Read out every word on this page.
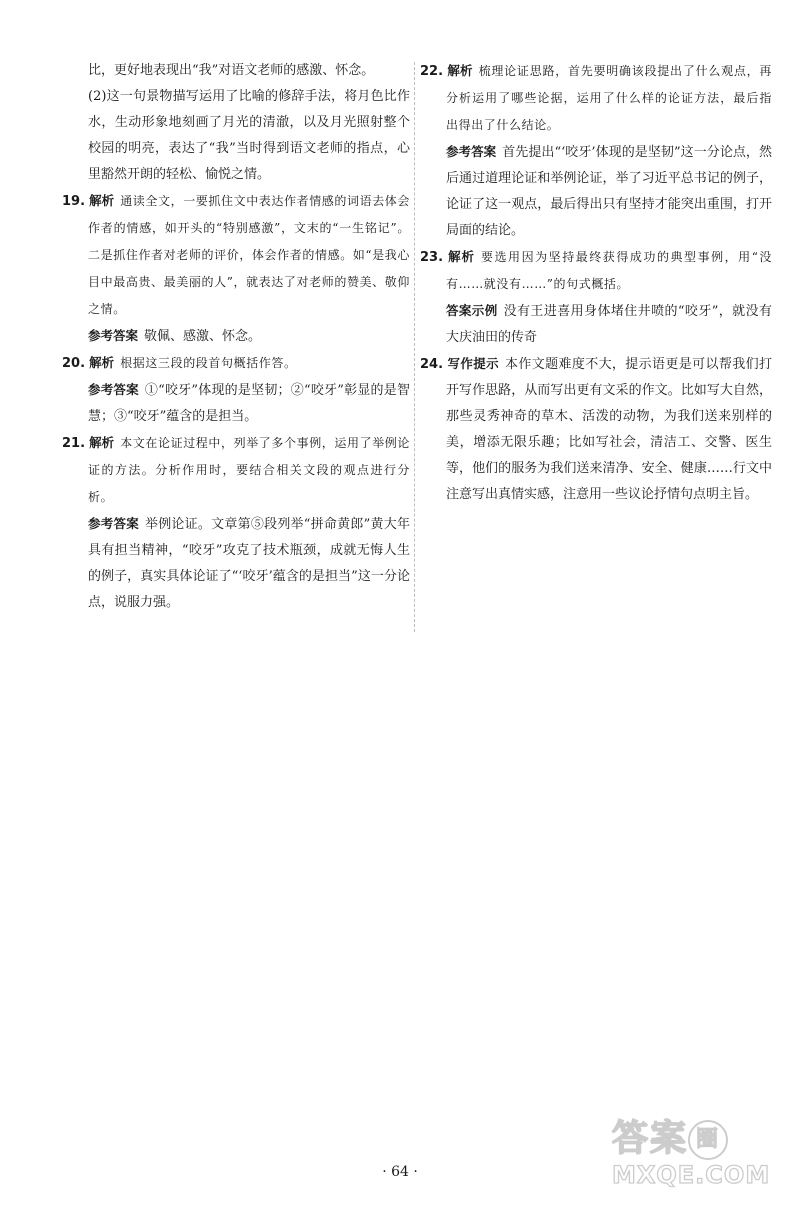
比，更好地表现出“我”对语文老师的感激、怀念。

(2)这一句景物描写运用了比喻的修辞手法，将月色比作水，生动形象地刻画了月光的清澈，以及月光照射整个校园的明亮，表达了“我”当时得到语文老师的指点，心里豁然开朗的轻松、愉悦之情。

19. 解析 通读全文，一要抓住文中表达作者情感的词语去体会作者的情感，如开头的“特别感激”，文末的“一生铭记”。二是抓住作者对老师的评价，体会作者的情感。如“是我心目中最高贵、最美丽的人”，就表达了对老师的赞美、敬仰之情。

参考答案 敬佩、感激、怀念。

20. 解析 根据这三段的段首句概括作答。

参考答案 ①“咬牙”体现的是坚韧；②“咬牙”彰显的是智慧；③“咬牙”蕴含的是担当。

21. 解析 本文在论证过程中，列举了多个事例，运用了举例论证的方法。分析作用时，要结合相关文段的观点进行分析。

参考答案 举例论证。文章第⑤段列举“拼命黄郎”黄大年具有担当精神，“咬牙”攻克了技术瓶颈，成就无悔人生的例子，真实具体论证了“‘咬牙’蕴含的是担当”这一分论点，说服力强。

22. 解析 梳理论证思路，首先要明确该段提出了什么观点，再分析运用了哪些论据，运用了什么样的论证方法，最后指出得出了什么结论。

参考答案 首先提出“‘咬牙’体现的是坚韧”这一分论点，然后通过道理论证和举例论证，举了习近平总书记的例子，论证了这一观点，最后得出只有坚持才能突出重围，打开局面的结论。

23. 解析 要选用因为坚持最终获得成功的典型事例，用“没有……就没有……”的句式概括。

答案示例 没有王进喜用身体堵住井喷的“咬牙”，就没有大庆油田的传奇

24. 写作提示 本作文题难度不大，提示语更是可以帮我们打开写作思路，从而写出更有文采的作文。比如写大自然，那些灵秀神奇的草木、活泼的动物，为我们送来别样的美，增添无限乐趣；比如写社会，清洁工、交警、医生等，他们的服务为我们送来清净、安全、健康……行文中注意写出真情实感，注意用一些议论抒情句点明主旨。

· 64 ·
答案 圈
MXQE.COM
